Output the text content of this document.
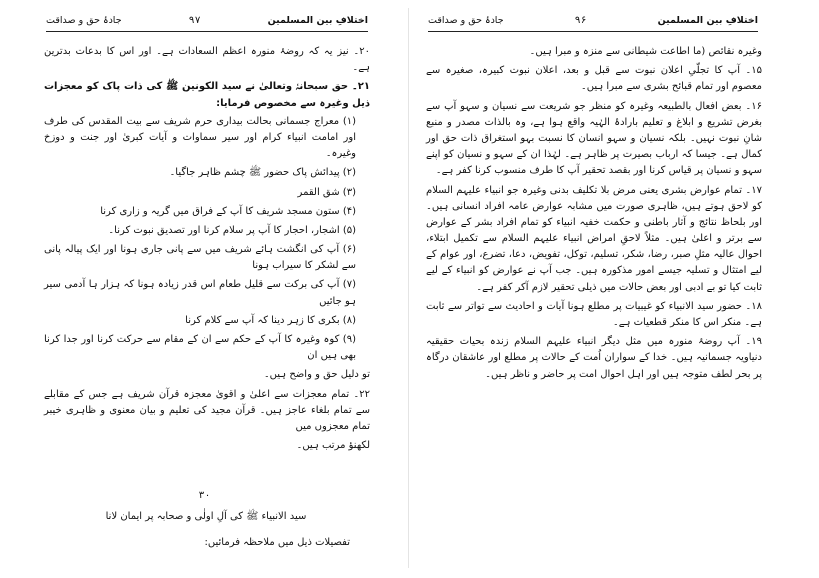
اختلافِ بین المسلمین
۹۷
جادۂ حق و صداقت

۲۰۔ نیز یہ کہ روضۂ منورہ اعظم السعادات ہے۔ اور اس کا بدعات بدترین ہے۔

۲۱۔ حق سبحانہٗ وتعالیٰ نے سید الکونین ﷺ کی ذات پاک کو معجزات ذیل وغیرہ سے مخصوص فرمایا:

(۱) معراج جسمانی بحالت بیداری حرم شریف سے بیت المقدس کی طرف اور امامت انبیاء کرام اور سیر سماوات و آیات کبریٰ اور جنت و دوزخ وغیرہ۔

(۲) پیدائش پاک حضور ﷺ چشم ظاہر جاگیا۔

(۳) شق القمر

(۴) ستون مسجد شریف کا آپ کے فراق میں گریہ و زاری کرنا

(۵) اشجار، احجار کا آپ پر سلام کرنا اور تصدیق نبوت کرنا۔

(۶) آپ کی انگشت ہائے شریف میں سے پانی جاری ہونا اور ایک پیالہ پانی سے لشکر کا سیراب ہونا

(۷) آپ کی برکت سے قلیل طعام اس قدر زیادہ ہونا کہ ہزار ہا آدمی سیر ہو جائیں

(۸) بکری کا زہر دینا کہ آپ سے کلام کرنا

(۹) کوہ وغیرہ کا آپ کے حکم سے ان کے مقام سے حرکت کرنا اور جدا کرنا بھی ہیں ان

تو دلیل حق و واضح ہیں۔

۲۲۔ تمام معجزات سے اعلیٰ و اقویٰ معجزہ قرآن شریف ہے جس کے مقابلے سے تمام بلغاء عاجز ہیں۔ قرآن مجید کی تعلیم و بیان معنوی و ظاہری خیبر تمام معجزوں میں

لکھنؤ مرتب ہیں۔

۳۰
سید الانبیاء ﷺ کی آلِ اولٰی و صحابہ پر ایمان لانا
تفصیلات ذیل میں ملاحظہ فرمائیں:
اختلافِ بین المسلمین
۹۶
جادۂ حق و صداقت

وغیرہ نقائص (ما اطاعت شیطانی سے منزہ و مبرا ہیں۔

۱۵۔ آپ کا تجلّیِ اعلان نبوت سے قبل و بعد، اعلان نبوت کبیرہ، صغیرہ سے معصوم اور تمام قبائح بشری سے مبرا ہیں۔

۱۶۔ بعض افعال بالطبیعہ وغیرہ کو منظر جو شریعت سے نسیان و سہو آپ سے بغرض تشریع و ابلاغ و تعلیم بارادۂ الہٰیہ واقع ہوا ہے، وہ بالذات مصدر و منبع شانِ نبوت نہیں۔ بلکہ نسیان و سہو انسان کا نسبت بہو استغراق ذات حق اور کمال ہے۔ جیسا کہ ارباب بصیرت پر ظاہر ہے۔ لہٰذا ان کے سہو و نسیان کو اپنے سہو و نسیان پر قیاس کرنا اور بقصد تحقیر آپ کا طرف منسوب کرنا کفر ہے۔

۱۷۔ تمام عوارض بشری یعنی مرض بلا تکلیف بدنی وغیرہ جو انبیاء علیہم السلام کو لاحق ہوتے ہیں، ظاہری صورت میں مشابہ عوارض عامہ افراد انسانی ہیں۔ اور بلحاظ نتائج و آثار باطنی و حکمت خفیہ انبیاء کو تمام افراد بشر کے عوارض سے برتر و اعلیٰ ہیں۔ مثلاً لاحقِ امراض انبیاء علیہم السلام سے تکمیل ابتلاء، احوال عالیہ مثلِ صبر، رضا، شکر، تسلیم، توکل، تفویض، دعا، تضرع، اور عوام کے لیے امتثال و تسلیہ جیسے امور مذکورہ ہیں۔ جب آپ نے عوارض کو انبیاء کے لیے ثابت کیا تو بے ادبی اور بعض حالات میں ذیلی تحقیر لازم آکر کفر ہے۔

۱۸۔ حضور سید الانبیاء کو غیبیات پر مطلع ہونا آیات و احادیث سے تواتر سے ثابت ہے۔ منکر اس کا منکر قطعیات ہے۔

۱۹۔ آپ روضۂ منورہ میں مثل دیگر انبیاء علیہم السلام زندہ بحیات حقیقیہ دنیاویہ جسمانیہ ہیں۔ خدا کے سواران اُمت کے حالات پر مطلع اور عاشقان درگاہ پر بحر لطف متوجہ ہیں اور اہل احوال امت پر حاضر و ناظر ہیں۔
